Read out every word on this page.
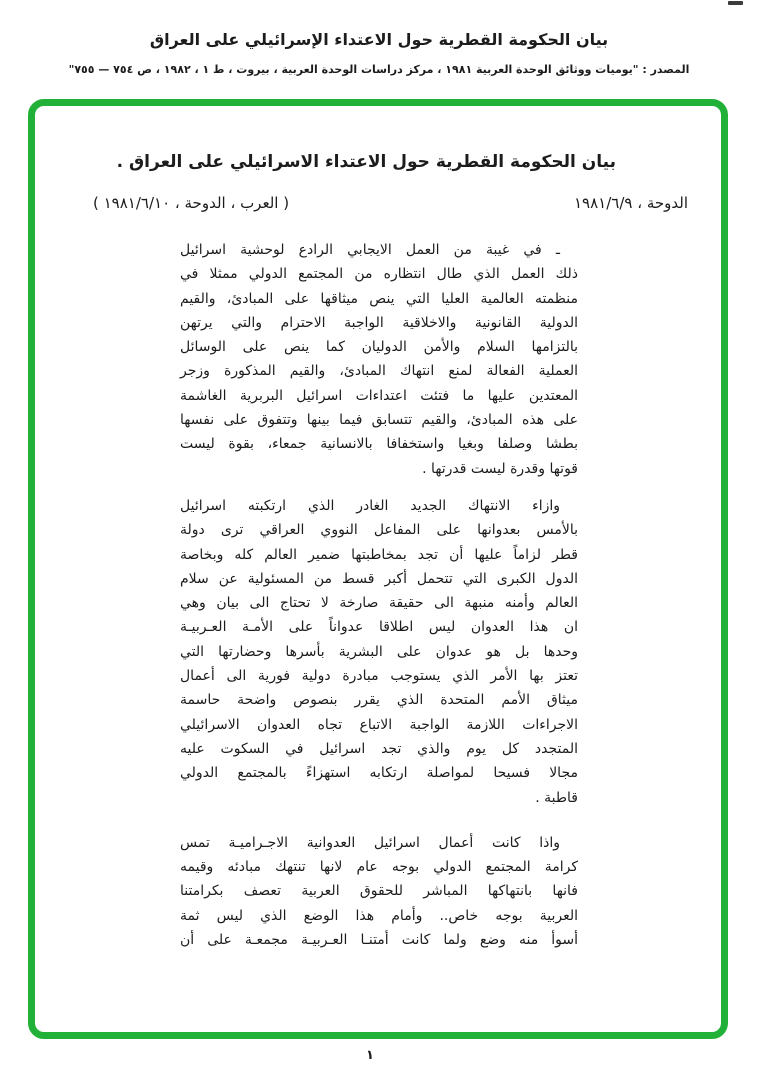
بيان الحكومة القطرية حول الاعتداء الإسرائيلي على العراق
المصدر : "يوميات ووثائق الوحدة العربية ١٩٨١ ، مركز دراسات الوحدة العربية ، بيروت ، ط ١ ، ١٩٨٢ ، ص ٧٥٤ — ٧٥٥"
بيان الحكومة القطرية حول الاعتداء الاسرائيلي على العراق .
الدوحة ، ١٩٨١/٦/٩
( العرب ، الدوحة ، ١٩٨١/٦/١٠ )
ـ في غيبة من العمل الايجابي الرادع لوحشية اسرائيل
ذلك العمل الذي طال انتظاره من المجتمع الدولي ممثلا في
منظمته العالمية العليا التي ينص ميثاقها على المبادئ، والقيم
الدولية القانونية والاخلاقية الواجبة الاحترام والتي يرتهن
بالتزامها السلام والأمن الدوليان كما ينص على الوسائل
العملية الفعالة لمنع انتهاك المبادئ، والقيم المذكورة وزجر
المعتدين عليها ما فتئت اعتداءات اسرائيل البربرية الغاشمة
على هذه المبادئ، والقيم تتسابق فيما بينها وتتفوق على نفسها
بطشا وصلفا وبغيا واستخفافا بالانسانية جمعاء، بقوة ليست
قوتها وقدرة ليست قدرتها .
وازاء الانتهاك الجديد الغادر الذي ارتكبته اسرائيل
بالأمس بعدوانها على المفاعل النووي العراقي ترى دولة
قطر لزاماً عليها أن تجد بمخاطبتها ضمير العالم كله وبخاصة
الدول الكبرى التي تتحمل أكبر قسط من المسئولية عن سلام
العالم وأمنه منبهة الى حقيقة صارخة لا تحتاج الى بيان وهي
ان هذا العدوان ليس اطلاقا عدواناً على الأمـة العـربيـة
وحدها بل هو عدوان على البشرية بأسرها وحضارتها التي
تعتز بها الأمر الذي يستوجب مبادرة دولية فورية الى أعمال
ميثاق الأمم المتحدة الذي يقرر بنصوص واضحة حاسمة
الاجراءات اللازمة الواجبة الاتباع تجاه العدوان الاسرائيلي
المتجدد كل يوم والذي تجد اسرائيل في السكوت عليه
مجالا فسيحا لمواصلة ارتكابه استهزاءً بالمجتمع الدولي
قاطبة .
واذا كانت أعمال اسرائيل العدوانية الاجـراميـة تمس
كرامة المجتمع الدولي بوجه عام لانها تنتهك مبادئه وقيمه
فانها بانتهاكها المباشر للحقوق العربية تعصف بكرامتنا
العربية بوجه خاص.. وأمام هذا الوضع الذي ليس ثمة
أسوأ منه وضع ولما كانت أمتنـا العـربيـة مجمعـة على أن
١
